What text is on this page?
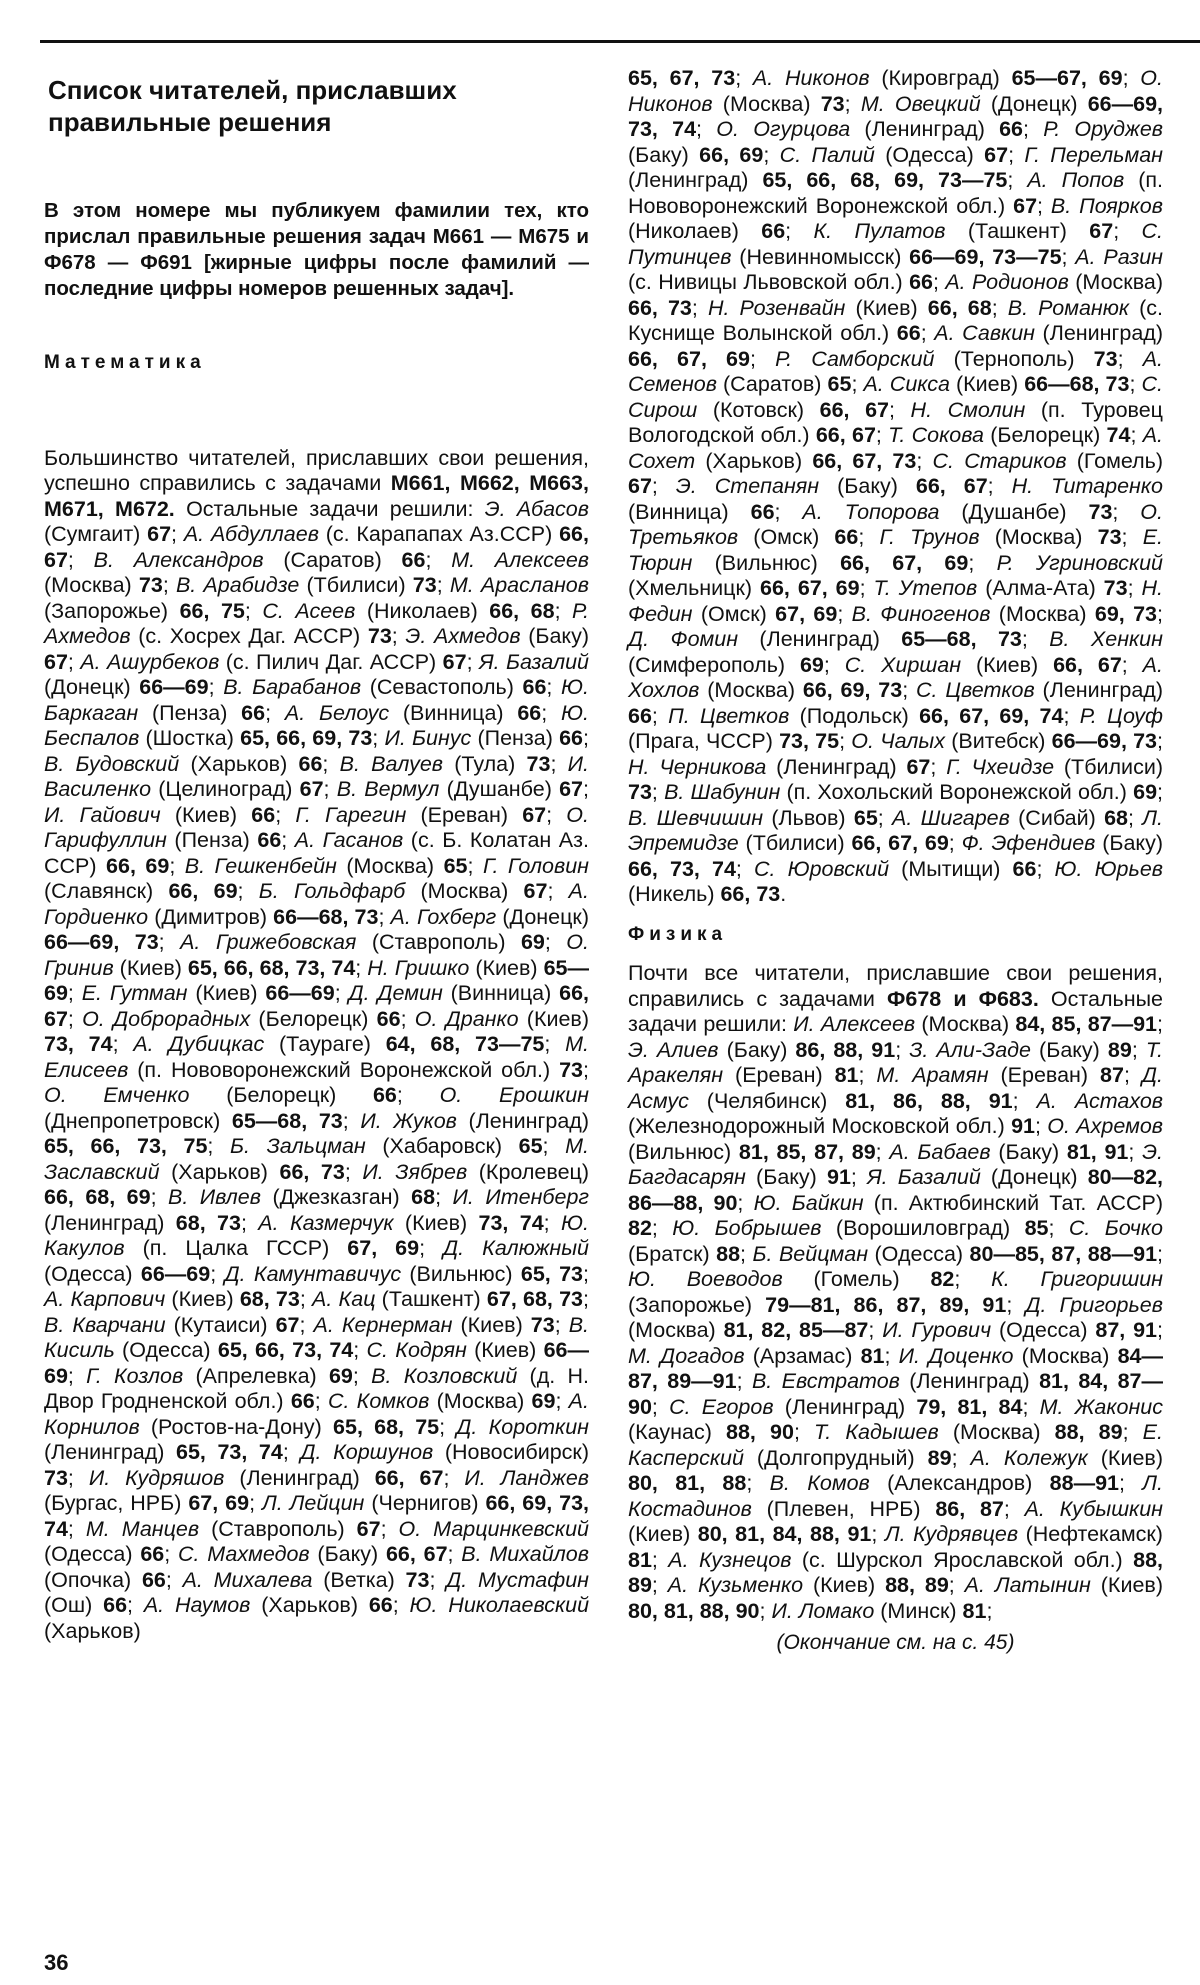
Список читателей, приславших правильные решения
В этом номере мы публикуем фамилии тех, кто прислал правильные решения задач М661 — М675 и Ф678 — Ф691 [жирные цифры после фамилий — последние цифры номеров решенных задач].
Математика
Большинство читателей, приславших свои решения, успешно справились с задачами М661, М662, М663, М671, М672. Остальные задачи решили: Э. Абасов (Сумгаит) 67; А. Абдуллаев (с. Карапапах Аз.ССР) 66, 67; В. Александров (Саратов) 66; М. Алексеев (Москва) 73; В. Арабидзе (Тбилиси) 73; М. Арасланов (Запорожье) 66, 75; С. Асеев (Николаев) 66, 68; Р. Ахмедов (с. Хосрех Даг. АССР) 73; Э. Ахмедов (Баку) 67; А. Ашурбеков (с. Пилич Даг. АССР) 67; Я. Базалий (Донецк) 66—69; В. Барабанов (Севастополь) 66; Ю. Баркаган (Пенза) 66; А. Белоус (Винница) 66; Ю. Беспалов (Шостка) 65, 66, 69, 73; И. Бинус (Пенза) 66; В. Будовский (Харьков) 66; В. Валуев (Тула) 73; И. Василенко (Целиноград) 67; В. Вермул (Душанбе) 67; И. Гайович (Киев) 66; Г. Гарегин (Ереван) 67; О. Гарифуллин (Пенза) 66; А. Гасанов (с. Б. Колатан Аз. ССР) 66, 69; В. Гешкенбейн (Москва) 65; Г. Головин (Славянск) 66, 69; Б. Гольдфарб (Москва) 67; А. Гордиенко (Димитров) 66—68, 73; А. Гохберг (Донецк) 66—69, 73; А. Грижебовская (Ставрополь) 69; О. Гринив (Киев) 65, 66, 68, 73, 74; Н. Гришко (Киев) 65—69; Е. Гутман (Киев) 66—69; Д. Демин (Винница) 66, 67; О. Доброрадных (Белорецк) 66; О. Дранко (Киев) 73, 74; А. Дубицкас (Таураге) 64, 68, 73—75; М. Елисеев (п. Нововоронежский Воронежской обл.) 73; О. Емченко (Белорецк) 66; О. Ерошкин (Днепропетровск) 65—68, 73; И. Жуков (Ленинград) 65, 66, 73, 75; Б. Зальцман (Хабаровск) 65; М. Заславский (Харьков) 66, 73; И. Зябрев (Кролевец) 66, 68, 69; В. Ивлев (Джезказган) 68; И. Итенберг (Ленинград) 68, 73; А. Казмерчук (Киев) 73, 74; Ю. Какулов (п. Цалка ГССР) 67, 69; Д. Калюжный (Одесса) 66—69; Д. Камунтавичус (Вильнюс) 65, 73; А. Карпович (Киев) 68, 73; А. Кац (Ташкент) 67, 68, 73; В. Кварчани (Кутаиси) 67; А. Кернерман (Киев) 73; В. Кисиль (Одесса) 65, 66, 73, 74; С. Кодрян (Киев) 66—69; Г. Козлов (Апрелевка) 69; В. Козловский (д. Н. Двор Гродненской обл.) 66; С. Комков (Москва) 69; А. Корнилов (Ростов-на-Дону) 65, 68, 75; Д. Короткин (Ленинград) 65, 73, 74; Д. Коршунов (Новосибирск) 73; И. Кудряшов (Ленинград) 66, 67; И. Ланджев (Бургас, НРБ) 67, 69; Л. Лейцин (Чернигов) 66, 69, 73, 74; М. Манцев (Ставрополь) 67; О. Марцинкевский (Одесса) 66; С. Махмедов (Баку) 66, 67; В. Михайлов (Опочка) 66; А. Михалева (Ветка) 73; Д. Мустафин (Ош) 66; А. Наумов (Харьков) 66; Ю. Николаевский (Харьков)
65, 67, 73; А. Никонов (Кировград) 65—67, 69; О. Никонов (Москва) 73; М. Овецкий (Донецк) 66—69, 73, 74; О. Огурцова (Ленинград) 66; Р. Оруджев (Баку) 66, 69; С. Палий (Одесса) 67; Г. Перельман (Ленинград) 65, 66, 68, 69, 73—75; А. Попов (п. Нововоронежский Воронежской обл.) 67; В. Поярков (Николаев) 66; К. Пулатов (Ташкент) 67; С. Путинцев (Невинномысск) 66—69, 73—75; А. Разин (с. Нивицы Львовской обл.) 66; А. Родионов (Москва) 66, 73; Н. Розенвайн (Киев) 66, 68; В. Романюк (с. Куснище Волынской обл.) 66; А. Савкин (Ленинград) 66, 67, 69; Р. Самборский (Тернополь) 73; А. Семенов (Саратов) 65; А. Сикса (Киев) 66—68, 73; С. Сирош (Котовск) 66, 67; Н. Смолин (п. Туровец Вологодской обл.) 66, 67; Т. Сокова (Белорецк) 74; А. Сохет (Харьков) 66, 67, 73; С. Стариков (Гомель) 67; Э. Степанян (Баку) 66, 67; Н. Титаренко (Винница) 66; А. Топорова (Душанбе) 73; О. Третьяков (Омск) 66; Г. Трунов (Москва) 73; Е. Тюрин (Вильнюс) 66, 67, 69; Р. Угриновский (Хмельницк) 66, 67, 69; Т. Утепов (Алма-Ата) 73; Н. Федин (Омск) 67, 69; В. Финогенов (Москва) 69, 73; Д. Фомин (Ленинград) 65—68, 73; В. Хенкин (Симферополь) 69; С. Хиршан (Киев) 66, 67; А. Хохлов (Москва) 66, 69, 73; С. Цветков (Ленинград) 66; П. Цветков (Подольск) 66, 67, 69, 74; Р. Цоуф (Прага, ЧССР) 73, 75; О. Чалых (Витебск) 66—69, 73; Н. Черникова (Ленинград) 67; Г. Чхеидзе (Тбилиси) 73; В. Шабунин (п. Хохольский Воронежской обл.) 69; В. Шевчишин (Львов) 65; А. Шигарев (Сибай) 68; Л. Эпремидзе (Тбилиси) 66, 67, 69; Ф. Эфендиев (Баку) 66, 73, 74; С. Юровский (Мытищи) 66; Ю. Юрьев (Никель) 66, 73.
Физика
Почти все читатели, приславшие свои решения, справились с задачами Ф678 и Ф683. Остальные задачи решили: И. Алексеев (Москва) 84, 85, 87—91; Э. Алиев (Баку) 86, 88, 91; З. Али-Заде (Баку) 89; Т. Аракелян (Ереван) 81; М. Арамян (Ереван) 87; Д. Асмус (Челябинск) 81, 86, 88, 91; А. Астахов (Железнодорожный Московской обл.) 91; О. Ахремов (Вильнюс) 81, 85, 87, 89; А. Бабаев (Баку) 81, 91; Э. Багдасарян (Баку) 91; Я. Базалий (Донецк) 80—82, 86—88, 90; Ю. Байкин (п. Актюбинский Тат. АССР) 82; Ю. Бобрышев (Ворошиловград) 85; С. Бочко (Братск) 88; Б. Вейцман (Одесса) 80—85, 87, 88—91; Ю. Воеводов (Гомель) 82; К. Григоришин (Запорожье) 79—81, 86, 87, 89, 91; Д. Григорьев (Москва) 81, 82, 85—87; И. Гурович (Одесса) 87, 91; М. Догадов (Арзамас) 81; И. Доценко (Москва) 84—87, 89—91; В. Евстратов (Ленинград) 81, 84, 87—90; С. Егоров (Ленинград) 79, 81, 84; М. Жаконис (Каунас) 88, 90; Т. Кадышев (Москва) 88, 89; Е. Касперский (Долгопрудный) 89; А. Колежук (Киев) 80, 81, 88; В. Комов (Александров) 88—91; Л. Костадинов (Плевен, НРБ) 86, 87; А. Кубышкин (Киев) 80, 81, 84, 88, 91; Л. Кудрявцев (Нефтекамск) 81; А. Кузнецов (с. Шурскол Ярославской обл.) 88, 89; А. Кузьменко (Киев) 88, 89; А. Латынин (Киев) 80, 81, 88, 90; И. Ломако (Минск) 81;
(Окончание см. на с. 45)
36
